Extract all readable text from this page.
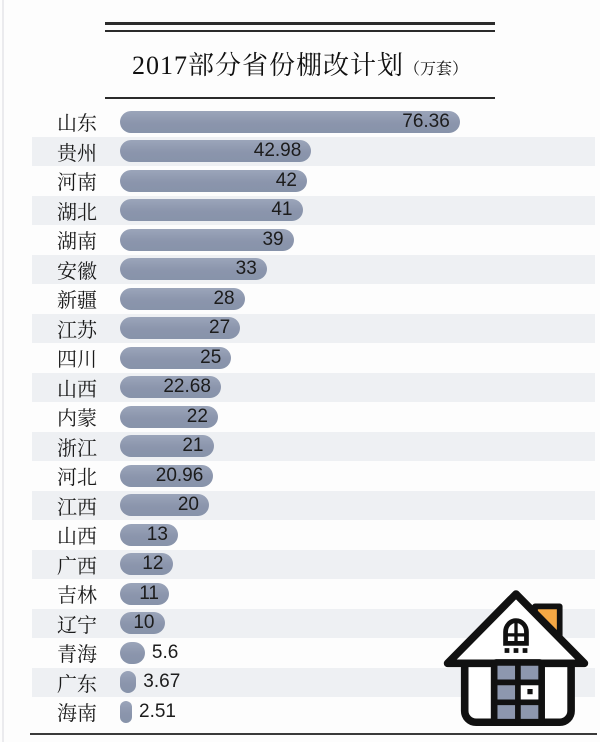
2017部分省份棚改计划（万套）
山东	76.36
贵州	42.98
河南	42
湖北	41
湖南	39
安徽	33
新疆	28
江苏	27
四川	25
山西	22.68
内蒙	22
浙江	21
河北	20.96
江西	20
山西	13
广西	12
吉林	11
辽宁	10
青海	5.6
广东	3.67
海南	2.51
